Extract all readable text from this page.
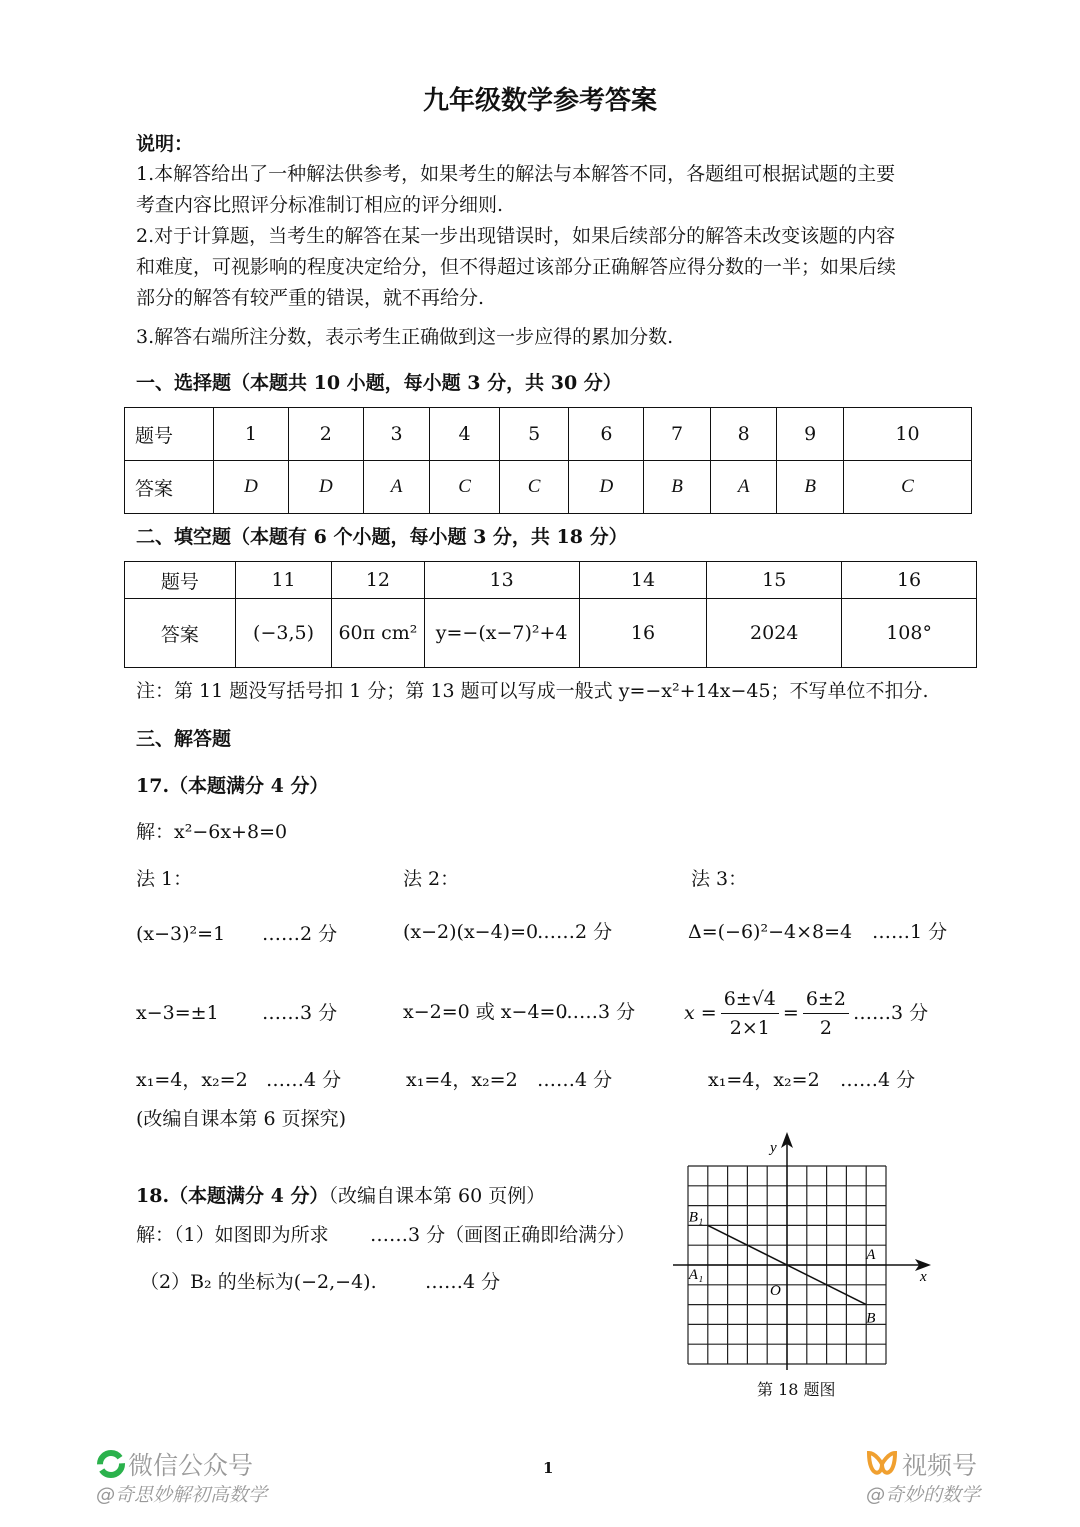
九年级数学参考答案
说明：
1.本解答给出了一种解法供参考，如果考生的解法与本解答不同，各题组可根据试题的主要
考查内容比照评分标准制订相应的评分细则.
2.对于计算题，当考生的解答在某一步出现错误时，如果后续部分的解答未改变该题的内容
和难度，可视影响的程度决定给分，但不得超过该部分正确解答应得分数的一半；如果后续
部分的解答有较严重的错误，就不再给分.
3.解答右端所注分数，表示考生正确做到这一步应得的累加分数.
一、选择题（本题共 10 小题，每小题 3 分，共 30 分）
题号	1	2	3	4	5	6	7	8	9	10
答案	D	D	A	C	C	D	B	A	B	C
二、填空题（本题有 6 个小题，每小题 3 分，共 18 分）
题号	11	12	13	14	15	16
答案	(−3,5)	60π cm²	y=−(x−7)²+4	16	2024	108°
注：第 11 题没写括号扣 1 分；第 13 题可以写成一般式 y=−x²+14x−45；不写单位不扣分.
三、解答题
17.（本题满分 4 分）
解：x²−6x+8=0
法 1：	法 2：	法 3：
(x−3)²=1 ……2 分
x−3=±1 ……3 分
x₁=4，x₂=2 ……4 分
(x−2)(x−4)=0
……2 分
x−2=0 或 x−4=0
……3 分
x₁=4，x₂=2 ……4 分
Δ=(−6)²−4×8=4 ……1 分
$x = \frac{6\pm√4}{2\times 1} = \frac{6\pm 2}{2}$ ……3 分
x₁=4，x₂=2 ……4 分
(改编自课本第 6 页探究)
18.（本题满分 4 分）（改编自课本第 60 页例）
解：（1）如图即为所求 ……3 分（画图正确即给满分）
（2）B₂ 的坐标为(−2,−4).	……4 分	x
y
O
B₁
A₁
A
B
第 18 题图
1
微信公众号
@奇思妙解初高数学
视频号
@奇妙的数学
